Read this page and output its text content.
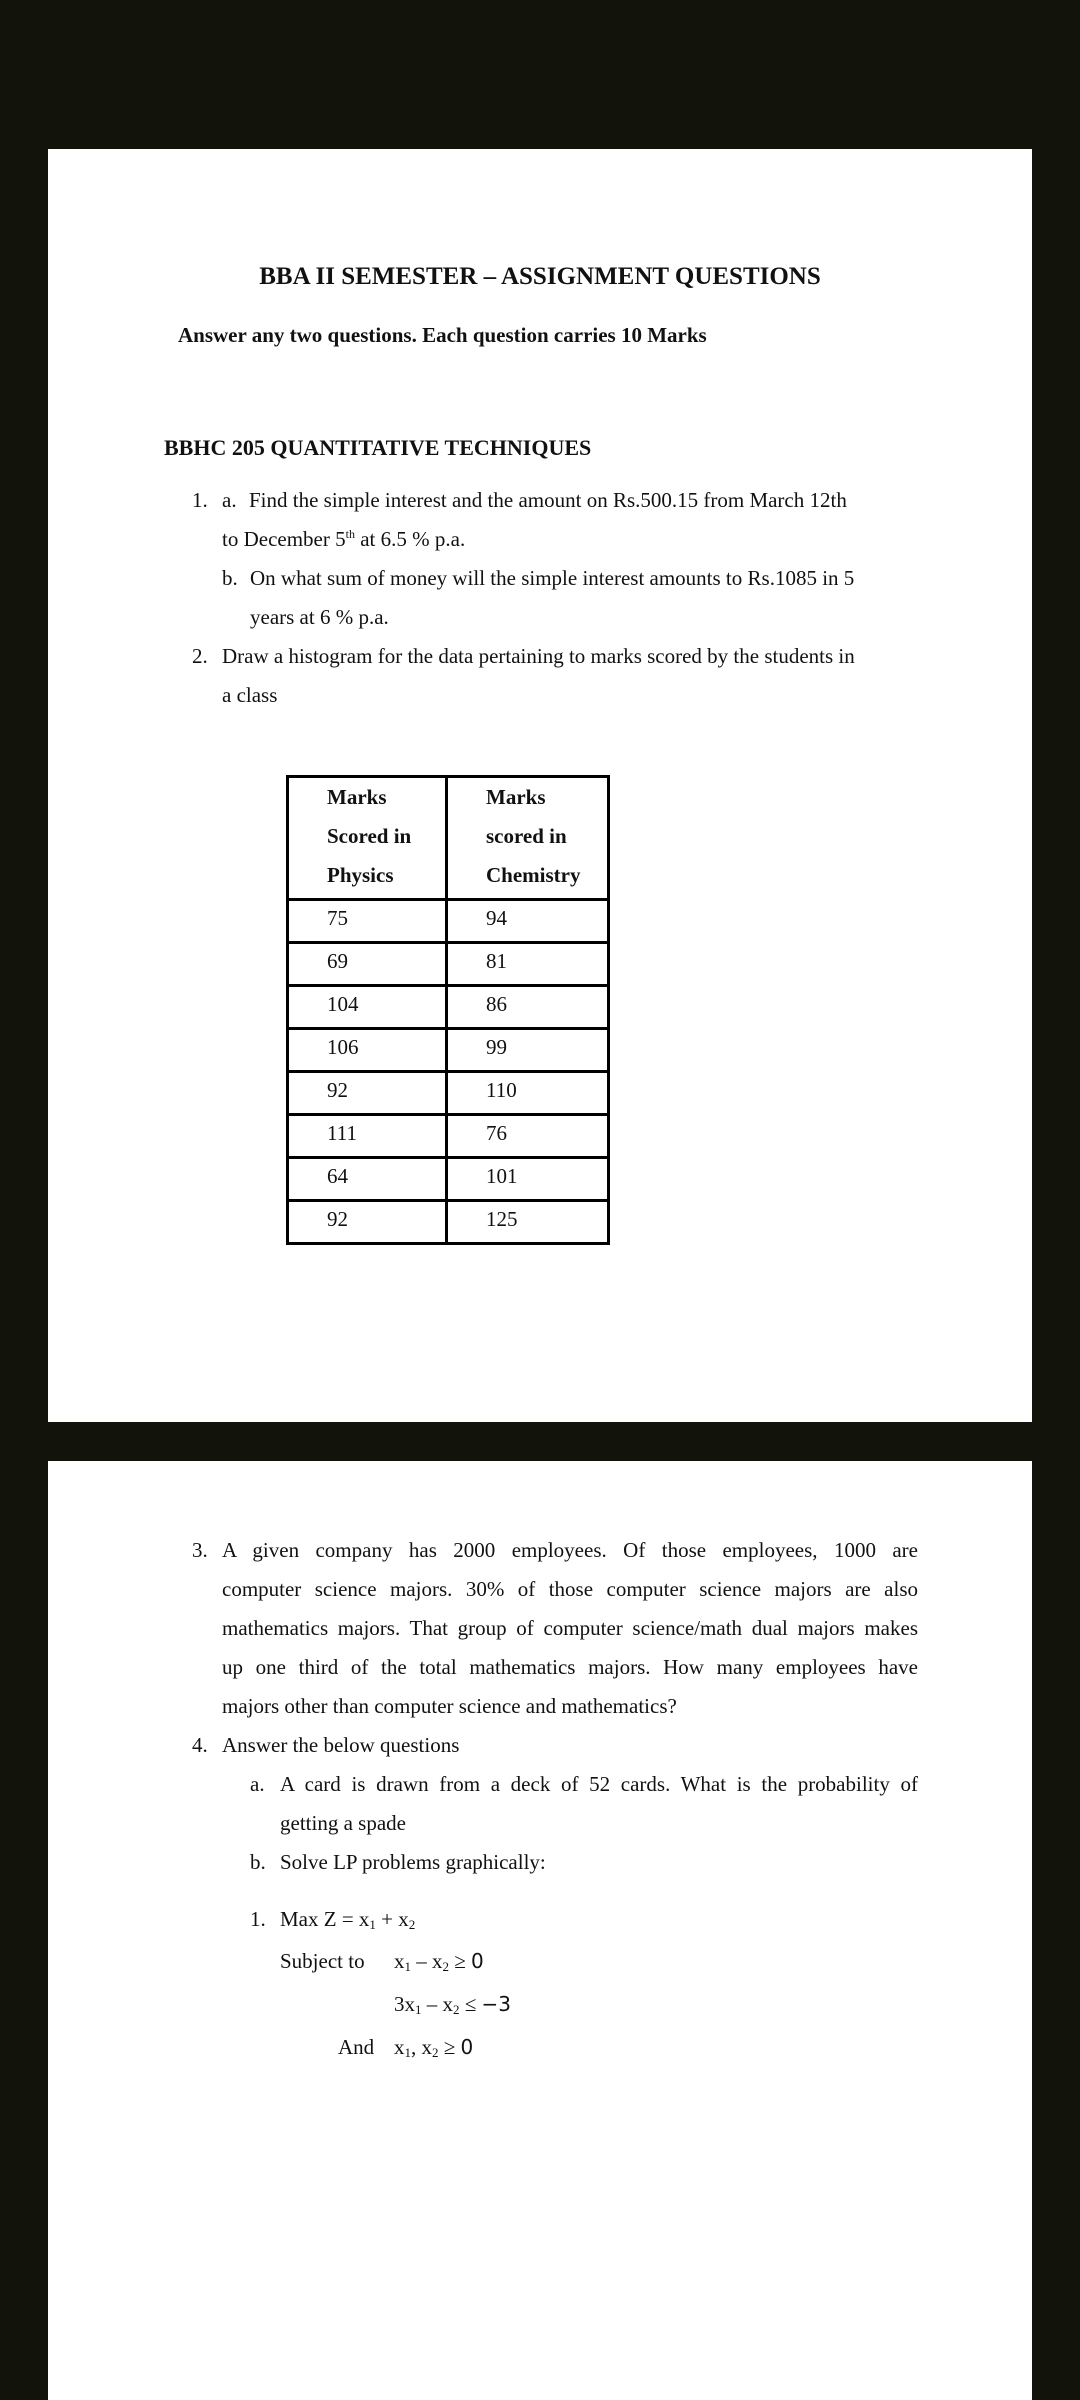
BBA II SEMESTER – ASSIGNMENT QUESTIONS
Answer any two questions. Each question carries 10 Marks
BBHC 205 QUANTITATIVE TECHNIQUES
1. a. Find the simple interest and the amount on Rs.500.15 from March 12th
to December 5th at 6.5 % p.a.
b. On what sum of money will the simple interest amounts to Rs.1085 in 5
years at 6 % p.a.
2. Draw a histogram for the data pertaining to marks scored by the students in
a class
Marks
Scored in
Physics	Marks
scored in
Chemistry
75	94
69	81
104	86
106	99
92	110
111	76
64	101
92	125
3. A given company has 2000 employees. Of those employees, 1000 are
computer science majors. 30% of those computer science majors are also
mathematics majors. That group of computer science/math dual majors makes
up one third of the total mathematics majors. How many employees have
majors other than computer science and mathematics?
4. Answer the below questions
a. A card is drawn from a deck of 52 cards. What is the probability of
getting a spade
b. Solve LP problems graphically:
1. Max $Z = x_1 + x_2$
Subject to $x_1 - x_2 \ge 0$
$3x_1 - x_2 \le -3$
And $x_1$, $x_2 \ge 0$
